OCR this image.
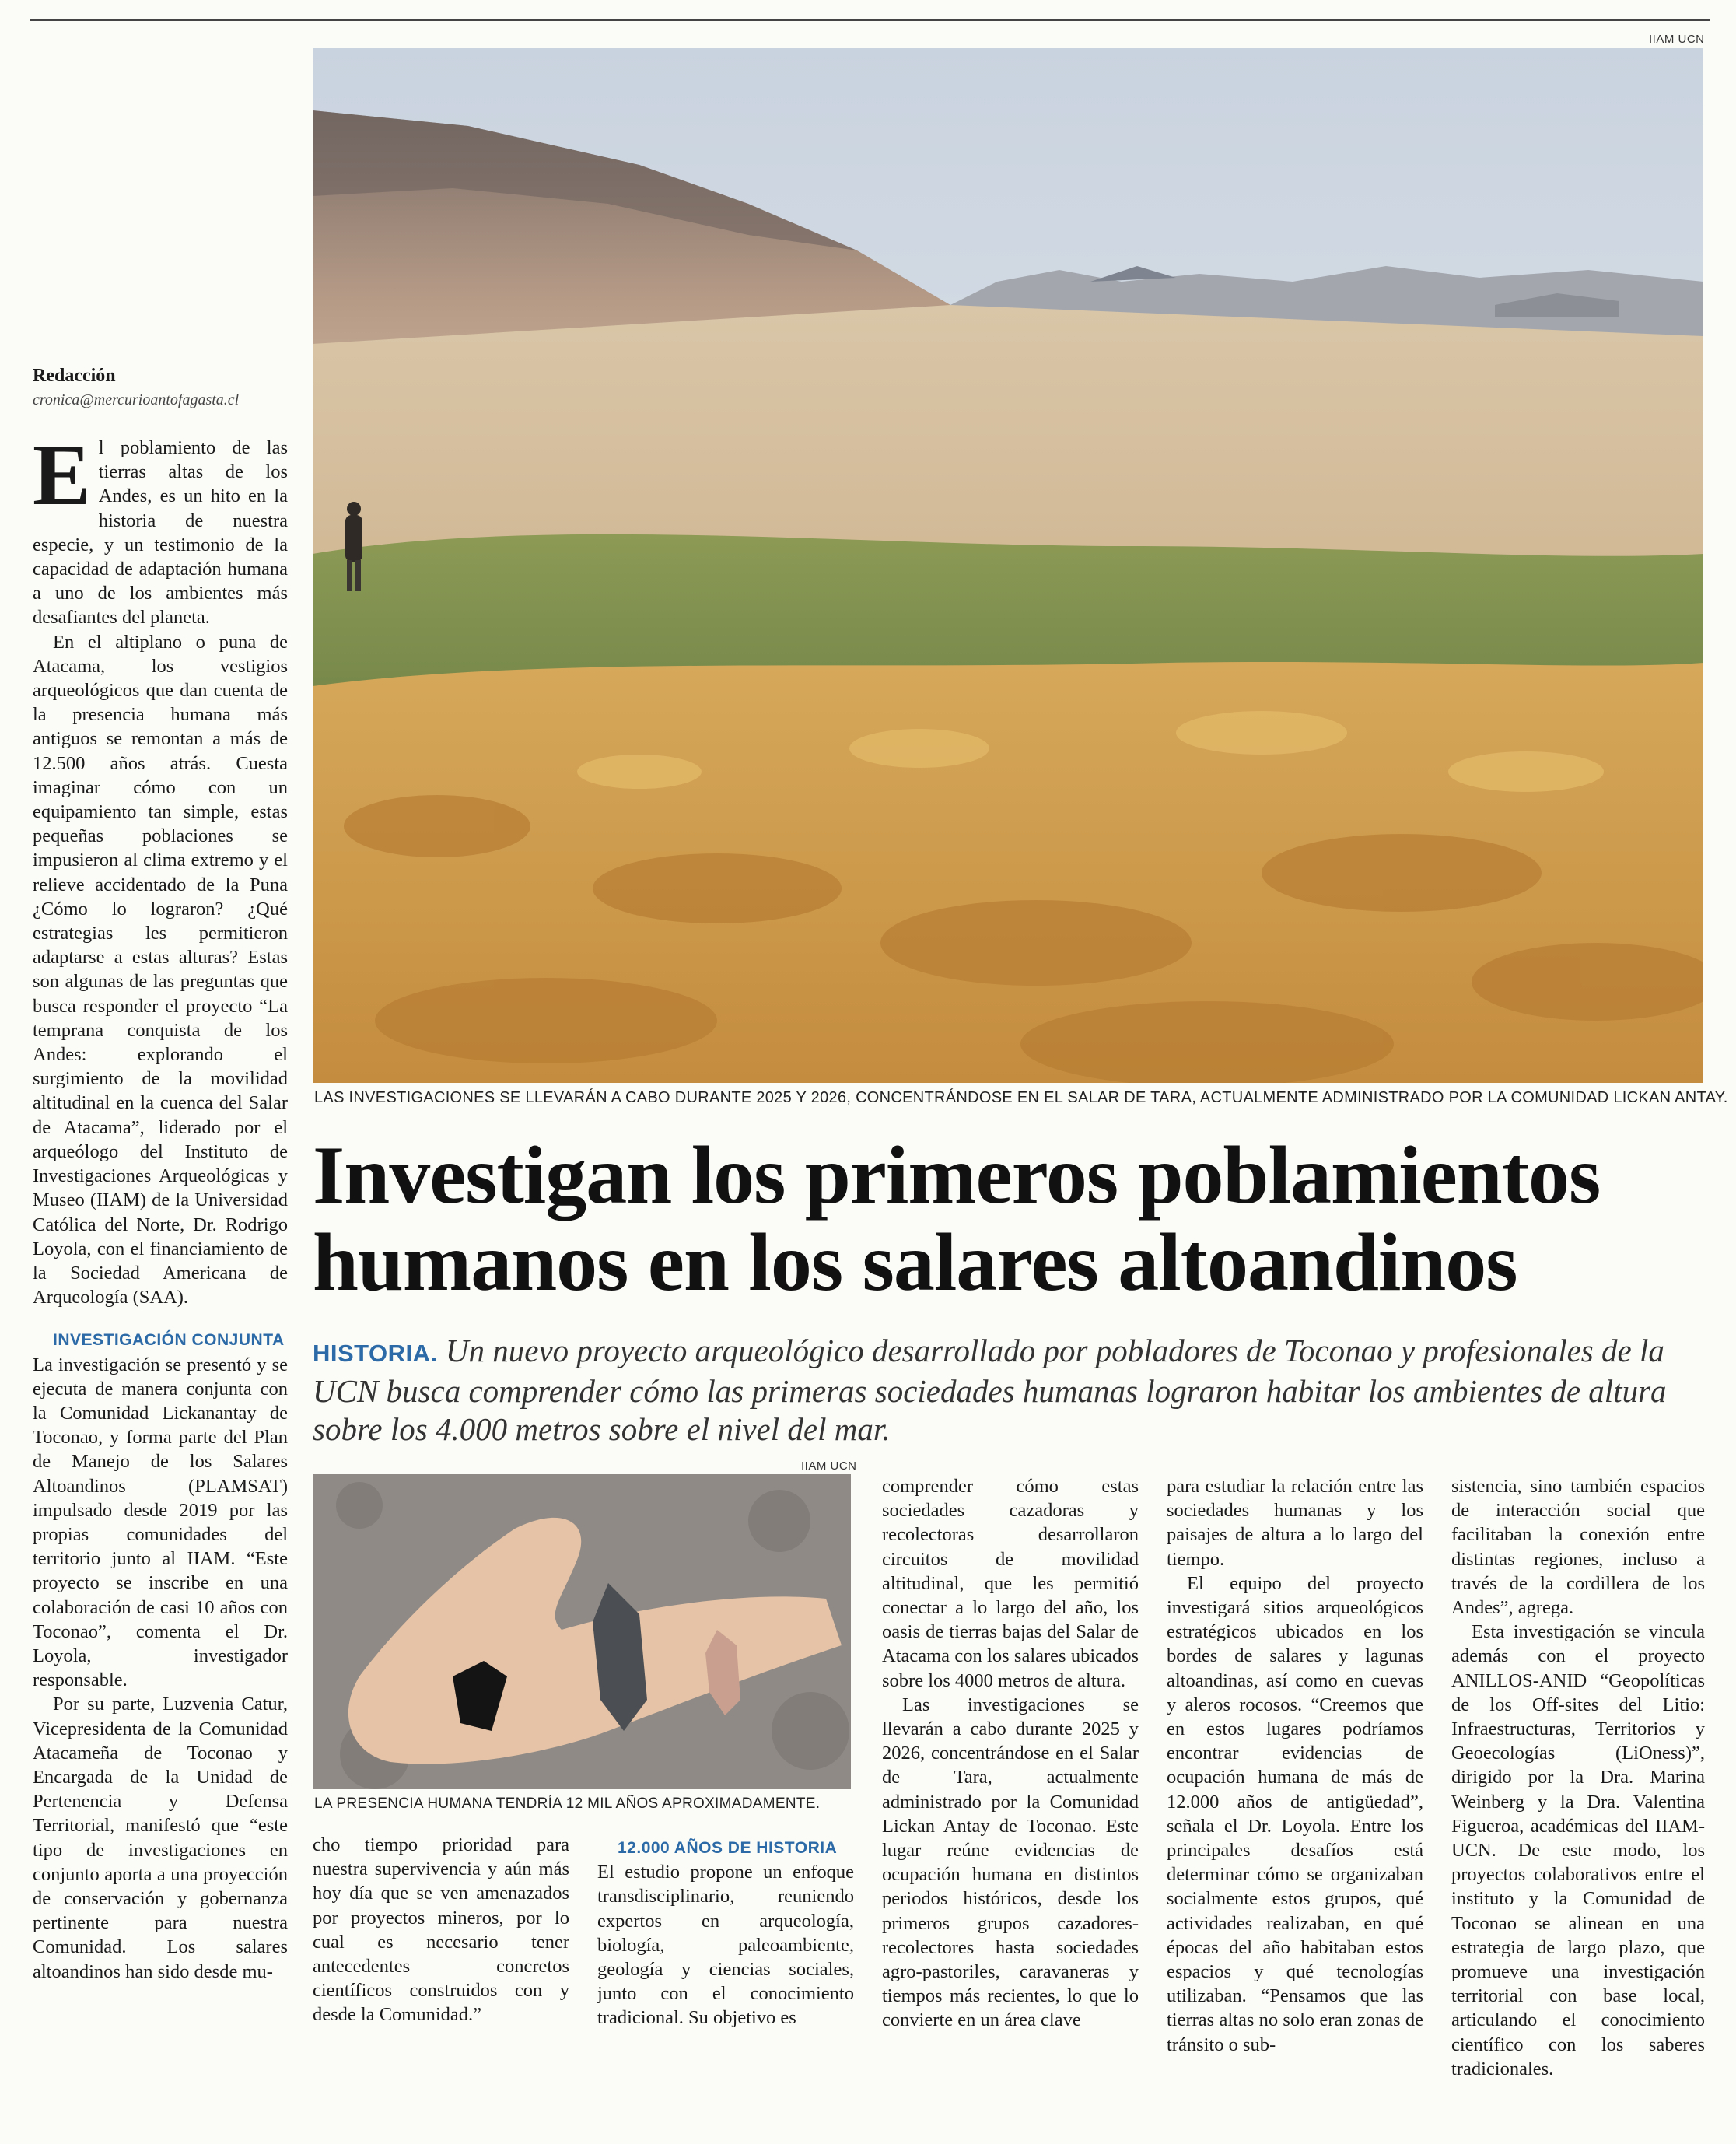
IIAM UCN
LAS INVESTIGACIONES SE LLEVARÁN A CABO DURANTE 2025 Y 2026, CONCENTRÁNDOSE EN EL SALAR DE TARA, ACTUALMENTE ADMINISTRADO POR LA COMUNIDAD LICKAN ANTAY.
Investigan los primeros poblamientos
humanos en los salares altoandinos
HISTORIA. Un nuevo proyecto arqueológico desarrollado por pobladores de Toconao y profesionales de la UCN busca comprender cómo las primeras sociedades humanas lograron habitar los ambientes de altura sobre los 4.000 metros sobre el nivel del mar.
Redacción
cronica@mercurioantofagasta.cl

El poblamiento de las tierras altas de los Andes, es un hito en la historia de nuestra especie, y un testimonio de la capacidad de adaptación humana a uno de los ambientes más desafiantes del planeta.

En el altiplano o puna de Atacama, los vestigios arqueológicos que dan cuenta de la presencia humana más antiguos se remontan a más de 12.500 años atrás. Cuesta imaginar cómo con un equipamiento tan simple, estas pequeñas poblaciones se impusieron al clima extremo y el relieve accidentado de la Puna ¿Cómo lo lograron? ¿Qué estrategias les permitieron adaptarse a estas alturas? Estas son algunas de las preguntas que busca responder el proyecto “La temprana conquista de los Andes: explorando el surgimiento de la movilidad altitudinal en la cuenca del Salar de Atacama”, liderado por el arqueólogo del Instituto de Investigaciones Arqueológicas y Museo (IIAM) de la Universidad Católica del Norte, Dr. Rodrigo Loyola, con el financiamiento de la Sociedad Americana de Arqueología (SAA).

INVESTIGACIÓN CONJUNTA

La investigación se presentó y se ejecuta de manera conjunta con la Comunidad Lickanantay de Toconao, y forma parte del Plan de Manejo de los Salares Altoandinos (PLAMSAT) impulsado desde 2019 por las propias comunidades del territorio junto al IIAM. “Este proyecto se inscribe en una colaboración de casi 10 años con Toconao”, comenta el Dr. Loyola, investigador responsable.

Por su parte, Luzvenia Catur, Vicepresidenta de la Comunidad Atacameña de Toconao y Encargada de la Unidad de Pertenencia y Defensa Territorial, manifestó que “este tipo de investigaciones en conjunto aporta a una proyección de conservación y gobernanza pertinente para nuestra Comunidad. Los salares altoandinos han sido desde mu-

IIAM UCN
LA PRESENCIA HUMANA TENDRÍA 12 MIL AÑOS APROXIMADAMENTE.

cho tiempo prioridad para nuestra supervivencia y aún más hoy día que se ven amenazados por proyectos mineros, por lo cual es necesario tener antecedentes concretos científicos construidos con y desde la Comunidad.”

12.000 AÑOS DE HISTORIA

El estudio propone un enfoque transdisciplinario, reuniendo expertos en arqueología, biología, paleoambiente, geología y ciencias sociales, junto con el conocimiento tradicional. Su objetivo es

comprender cómo estas sociedades cazadoras y recolectoras desarrollaron circuitos de movilidad altitudinal, que les permitió conectar a lo largo del año, los oasis de tierras bajas del Salar de Atacama con los salares ubicados sobre los 4000 metros de altura.

Las investigaciones se llevarán a cabo durante 2025 y 2026, concentrándose en el Salar de Tara, actualmente administrado por la Comunidad Lickan Antay de Toconao. Este lugar reúne evidencias de ocupación humana en distintos periodos históricos, desde los primeros grupos cazadores-recolectores hasta sociedades agro-pastoriles, caravaneras y tiempos más recientes, lo que lo convierte en un área clave

para estudiar la relación entre las sociedades humanas y los paisajes de altura a lo largo del tiempo.

El equipo del proyecto investigará sitios arqueológicos estratégicos ubicados en los bordes de salares y lagunas altoandinas, así como en cuevas y aleros rocosos. “Creemos que en estos lugares podríamos encontrar evidencias de ocupación humana de más de 12.000 años de antigüedad”, señala el Dr. Loyola. Entre los principales desafíos está determinar cómo se organizaban socialmente estos grupos, qué actividades realizaban, en qué épocas del año habitaban estos espacios y qué tecnologías utilizaban. “Pensamos que las tierras altas no solo eran zonas de tránsito o sub-

sistencia, sino también espacios de interacción social que facilitaban la conexión entre distintas regiones, incluso a través de la cordillera de los Andes”, agrega.

Esta investigación se vincula además con el proyecto ANILLOS-ANID “Geopolíticas de los Off-sites del Litio: Infraestructuras, Territorios y Geoecologías (LiOness)”, dirigido por la Dra. Marina Weinberg y la Dra. Valentina Figueroa, académicas del IIAM-UCN. De este modo, los proyectos colaborativos entre el instituto y la Comunidad de Toconao se alinean en una estrategia de largo plazo, que promueve una investigación territorial con base local, articulando el conocimiento científico con los saberes tradicionales.
